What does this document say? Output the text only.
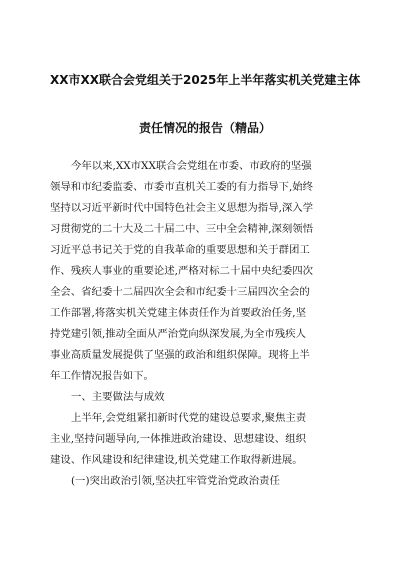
XX市XX联合会党组关于2025年上半年落实机关党建主体

责任情况的报告（精品）

今年以来,XX市XX联合会党组在市委、市政府的坚强
领导和市纪委监委、市委市直机关工委的有力指导下,始终
坚持以习近平新时代中国特色社会主义思想为指导,深入学
习贯彻党的二十大及二十届二中、三中全会精神,深刻领悟
习近平总书记关于党的自我革命的重要思想和关于群团工
作、残疾人事业的重要论述,严格对标二十届中央纪委四次
全会、省纪委十二届四次全会和市纪委十三届四次全会的
工作部署,将落实机关党建主体责任作为首要政治任务,坚
持党建引领,推动全面从严治党向纵深发展,为全市残疾人
事业高质量发展提供了坚强的政治和组织保障。现将上半
年工作情况报告如下。

一、主要做法与成效

上半年,会党组紧扣新时代党的建设总要求,聚焦主责
主业,坚持问题导向,一体推进政治建设、思想建设、组织
建设、作风建设和纪律建设,机关党建工作取得新进展。

(一)突出政治引领,坚决扛牢管党治党政治责任
